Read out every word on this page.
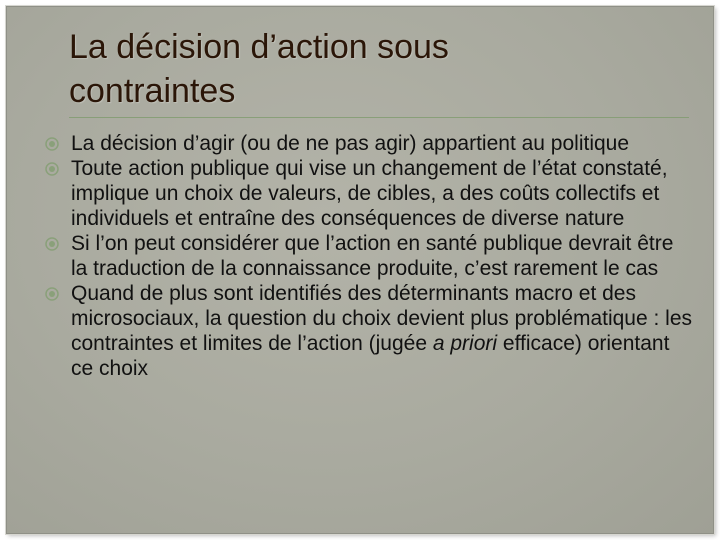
La décision d’action sous
contraintes
La décision d’agir (ou de ne pas agir) appartient au politique
Toute action publique qui vise un changement de l’état constaté, implique un choix de valeurs, de cibles, a des coûts collectifs et individuels et entraîne des conséquences de diverse nature
Si l’on peut considérer que l’action en santé publique devrait être la traduction de la connaissance produite, c’est rarement le cas
Quand de plus sont identifiés des déterminants macro et des microsociaux, la question du choix devient plus problématique : les contraintes et limites de l’action (jugée a priori efficace) orientant ce choix
